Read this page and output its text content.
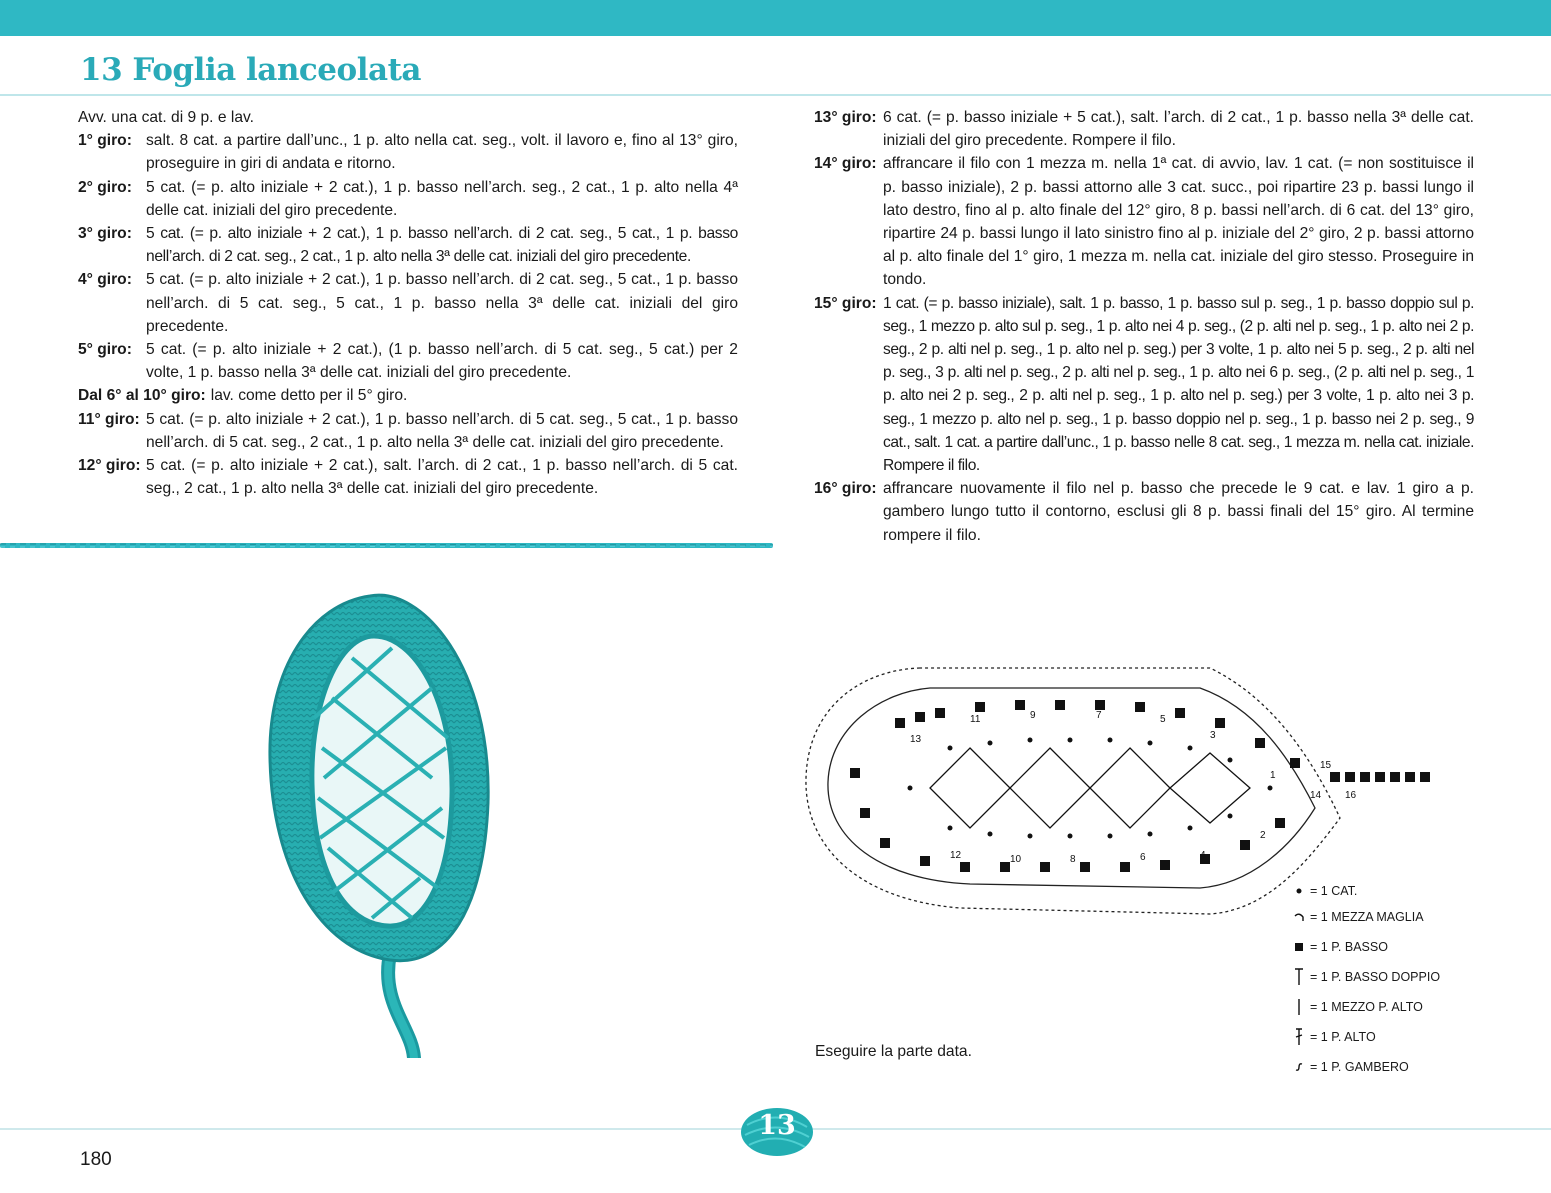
13 Foglia lanceolata

Avv. una cat. di 9 p. e lav.

1° giro: salt. 8 cat. a partire dall’unc., 1 p. alto nella cat. seg., volt. il lavoro e, fino al 13° giro, proseguire in giri di andata e ritorno.
2° giro: 5 cat. (= p. alto iniziale + 2 cat.), 1 p. basso nell’arch. seg., 2 cat., 1 p. alto nella 4ª delle cat. iniziali del giro precedente.
3° giro: 5 cat. (= p. alto iniziale + 2 cat.), 1 p. basso nell’arch. di 2 cat. seg., 5 cat., 1 p. basso nell’arch. di 2 cat. seg., 2 cat., 1 p. alto nella 3ª delle cat. iniziali del giro precedente.
4° giro: 5 cat. (= p. alto iniziale + 2 cat.), 1 p. basso nell’arch. di 2 cat. seg., 5 cat., 1 p. basso nell’arch. di 5 cat. seg., 5 cat., 1 p. basso nella 3ª delle cat. iniziali del giro precedente.
5° giro: 5 cat. (= p. alto iniziale + 2 cat.), (1 p. basso nell’arch. di 5 cat. seg., 5 cat.) per 2 volte, 1 p. basso nella 3ª delle cat. iniziali del giro precedente.
Dal 6° al 10° giro: lav. come detto per il 5° giro.
11° giro: 5 cat. (= p. alto iniziale + 2 cat.), 1 p. basso nell’arch. di 5 cat. seg., 5 cat., 1 p. basso nell’arch. di 5 cat. seg., 2 cat., 1 p. alto nella 3ª delle cat. iniziali del giro precedente.
12° giro: 5 cat. (= p. alto iniziale + 2 cat.), salt. l’arch. di 2 cat., 1 p. basso nell’arch. di 5 cat. seg., 2 cat., 1 p. alto nella 3ª delle cat. iniziali del giro precedente.
13° giro: 6 cat. (= p. basso iniziale + 5 cat.), salt. l’arch. di 2 cat., 1 p. basso nella 3ª delle cat. iniziali del giro precedente. Rompere il filo.
14° giro: affrancare il filo con 1 mezza m. nella 1ª cat. di avvio, lav. 1 cat. (= non sostituisce il p. basso iniziale), 2 p. bassi attorno alle 3 cat. succ., poi ripartire 23 p. bassi lungo il lato destro, fino al p. alto finale del 12° giro, 8 p. bassi nell’arch. di 6 cat. del 13° giro, ripartire 24 p. bassi lungo il lato sinistro fino al p. iniziale del 2° giro, 2 p. bassi attorno al p. alto finale del 1° giro, 1 mezza m. nella cat. iniziale del giro stesso. Proseguire in tondo.
15° giro: 1 cat. (= p. basso iniziale), salt. 1 p. basso, 1 p. basso sul p. seg., 1 p. basso doppio sul p. seg., 1 mezzo p. alto sul p. seg., 1 p. alto nei 4 p. seg., (2 p. alti nel p. seg., 1 p. alto nei 2 p. seg., 2 p. alti nel p. seg., 1 p. alto nel p. seg.) per 3 volte, 1 p. alto nei 5 p. seg., 2 p. alti nel p. seg., 3 p. alti nel p. seg., 2 p. alti nel p. seg., 1 p. alto nei 6 p. seg., (2 p. alti nel p. seg., 1 p. alto nei 2 p. seg., 2 p. alti nel p. seg., 1 p. alto nel p. seg.) per 3 volte, 1 p. alto nei 3 p. seg., 1 mezzo p. alto nel p. seg., 1 p. basso doppio nel p. seg., 1 p. basso nei 2 p. seg., 9 cat., salt. 1 cat. a partire dall’unc., 1 p. basso nelle 8 cat. seg., 1 mezza m. nella cat. iniziale. Rompere il filo.
16° giro: affrancare nuovamente il filo nel p. basso che precede le 9 cat. e lav. 1 giro a p. gambero lungo tutto il contorno, esclusi gli 8 p. bassi finali del 15° giro. Al termine rompere il filo.
1
2
3
4
5
6
7
8
9
10
11
12
13
14
15
16
= 1 CAT.
= 1 MEZZA MAGLIA
= 1 P. BASSO
= 1 P. BASSO DOPPIO
= 1 MEZZO P. ALTO
= 1 P. ALTO
= 1 P. GAMBERO
Eseguire la parte data.
13
180
